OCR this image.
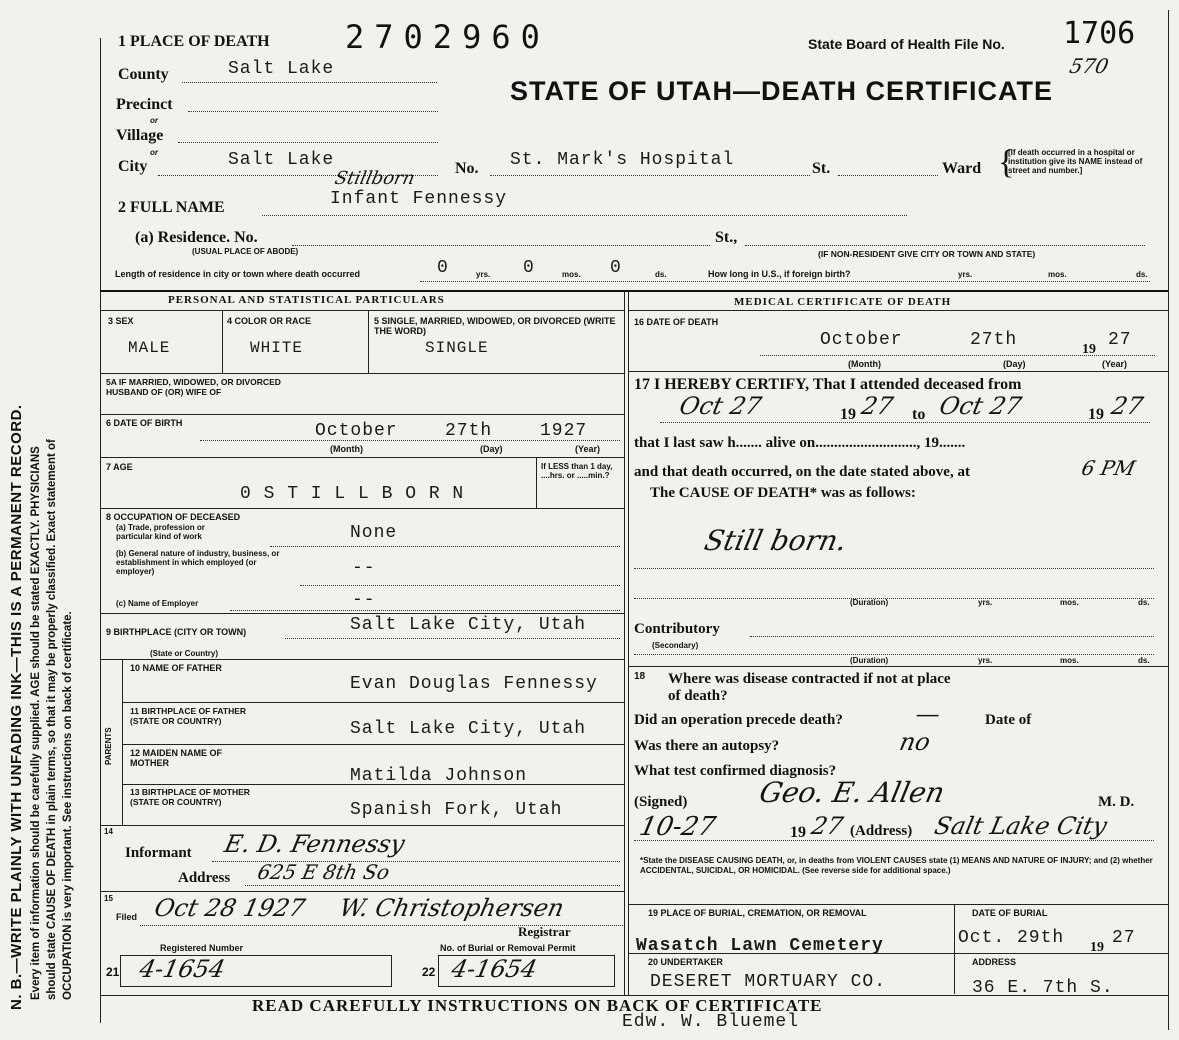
N. B.—WRITE PLAINLY WITH UNFADING INK—THIS IS A PERMANENT RECORD. Every item of information should be carefully supplied. AGE should be stated EXACTLY. PHYSICIANS should state CAUSE OF DEATH in plain terms, so that it may be properly classified. Exact statement of OCCUPATION is very important. See instructions on back of certificate.
1 PLACE OF DEATH 2702960	State Board of Health File No. 1706
570
STATE OF UTAH—DEATH CERTIFICATE
County	Salt Lake
Precinct
or
Village
or
City	Salt Lake	No. St. Mark's Hospital	St.	Ward {
[If death occurred in a hospital or institution give its NAME instead of street and number.]
2 FULL NAME	Infant Fennessy
Stillborn
(a) Residence. No.
(USUAL PLACE OF ABODE)
St.,
(IF NON-RESIDENT GIVE CITY OR TOWN AND STATE)
Length of residence in city or town where death occurred	0	yrs. 0	mos. 0	ds.	How long in U.S., if foreign birth?	yrs.	mos.	ds.
PERSONAL AND STATISTICAL PARTICULARS	MEDICAL CERTIFICATE OF DEATH
3 SEX	4 COLOR OR RACE	5 SINGLE, MARRIED, WIDOWED, OR DIVORCED (WRITE THE WORD)
MALE	WHITE	SINGLE
5A IF MARRIED, WIDOWED, OR DIVORCED HUSBAND OF (OR) WIFE OF
6 DATE OF BIRTH	October	27th	1927
(Month)	(Day)	(Year)
7 AGE	If LESS than 1 day, ....hrs. or .....min.?
0 S T I L L B O R N
8 OCCUPATION OF DECEASED
(a) Trade, profession or particular kind of work	None
(b) General nature of industry, business, or establishment in which employed (or employer)	--
(c) Name of Employer	--
9 BIRTHPLACE (CITY OR TOWN)
(State or Country)
Salt Lake City, Utah
PARENTS
10 NAME OF FATHER
Evan Douglas Fennessy
11 BIRTHPLACE OF FATHER (STATE OR COUNTRY)	Salt Lake City, Utah
12 MAIDEN NAME OF MOTHER
Matilda Johnson
13 BIRTHPLACE OF MOTHER (STATE OR COUNTRY)	Spanish Fork, Utah
14
Informant E. D. Fennessy
Address 625 E 8th So
15
Filed Oct 28 1927 W. Christophersen
Registrar
Registered Number	No. of Burial or Removal Permit
21 4-1654	22 4-1654
16 DATE OF DEATH
October	27th	19 27
(Month)	(Day)	(Year)
17 I HEREBY CERTIFY, That I attended deceased from
Oct 27	19 27 to Oct 27	19 27
that I last saw h....... alive on..........................., 19.......
and that death occurred, on the date stated above, at	6 PM
The CAUSE OF DEATH* was as follows:
Still born.
(Duration)	yrs.	mos.	ds.
Contributory
(Secondary)
(Duration)	yrs.	mos.	ds.
18 Where was disease contracted if not at place of death?
Did an operation precede death?	—	Date of
Was there an autopsy?	no
What test confirmed diagnosis?
(Signed) Geo. E. Allen	M. D.
10-27	19 27 (Address) Salt Lake City
*State the DISEASE CAUSING DEATH, or, in deaths from VIOLENT CAUSES state (1) MEANS AND NATURE OF INJURY; and (2) whether ACCIDENTAL, SUICIDAL, OR HOMICIDAL. (See reverse side for additional space.)
19 PLACE OF BURIAL, CREMATION, OR REMOVAL	DATE OF BURIAL
Wasatch Lawn Cemetery	Oct. 29th 19 27
20 UNDERTAKER	ADDRESS
DESERET MORTUARY CO.	36 E. 7th S.
READ CAREFULLY INSTRUCTIONS ON BACK OF CERTIFICATE
Edw. W. Bluemel
